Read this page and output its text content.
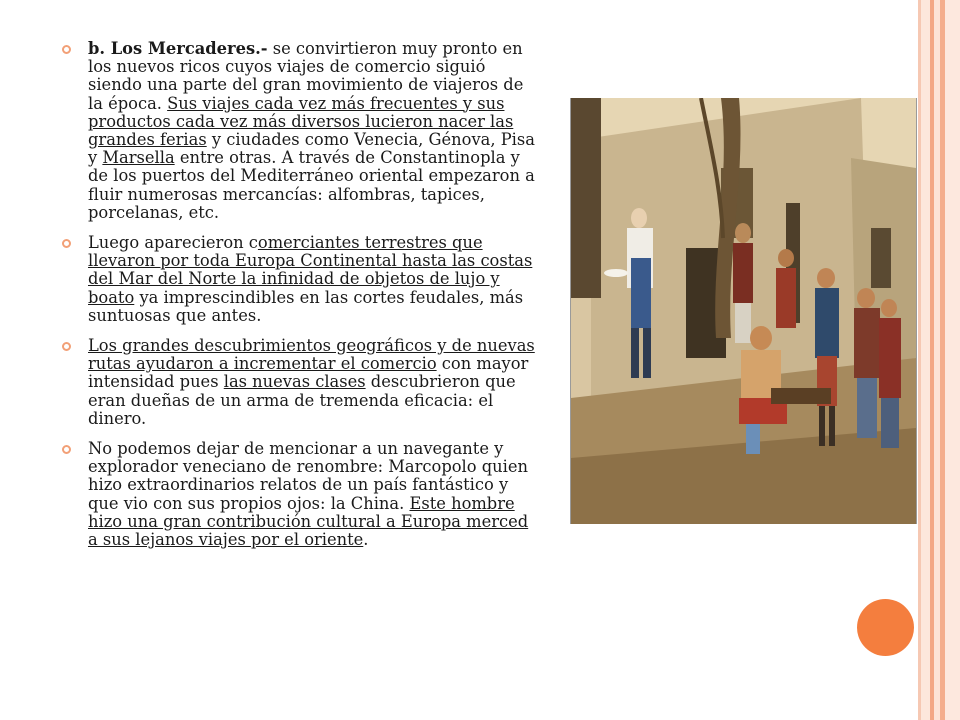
b. Los Mercaderes.- se convirtieron muy pronto en los nuevos ricos cuyos viajes de comercio siguió siendo una parte del gran movimiento de viajeros de la época. Sus viajes cada vez más frecuentes y sus productos cada vez más diversos lucieron nacer las grandes ferias y ciudades como Venecia, Génova, Pisa y Marsella entre otras. A través de Constantinopla y de los puertos del Mediterráneo oriental empezaron a fluir numerosas mercancías: alfombras, tapices, porcelanas, etc.
Luego aparecieron comerciantes terrestres que llevaron por toda Europa Continental hasta las costas del Mar del Norte la infinidad de objetos de lujo y boato ya imprescindibles en las cortes feudales, más suntuosas que antes.
Los grandes descubrimientos geográficos y de nuevas rutas ayudaron a incrementar el comercio con mayor intensidad pues las nuevas clases descubrieron que eran dueñas de un arma de tremenda eficacia: el dinero.
No podemos dejar de mencionar a un navegante y explorador veneciano de renombre: Marcopolo quien hizo extraordinarios relatos de un país fantástico y que vio con sus propios ojos: la China. Este hombre hizo una gran contribución cultural a Europa merced a sus lejanos viajes por el oriente.
